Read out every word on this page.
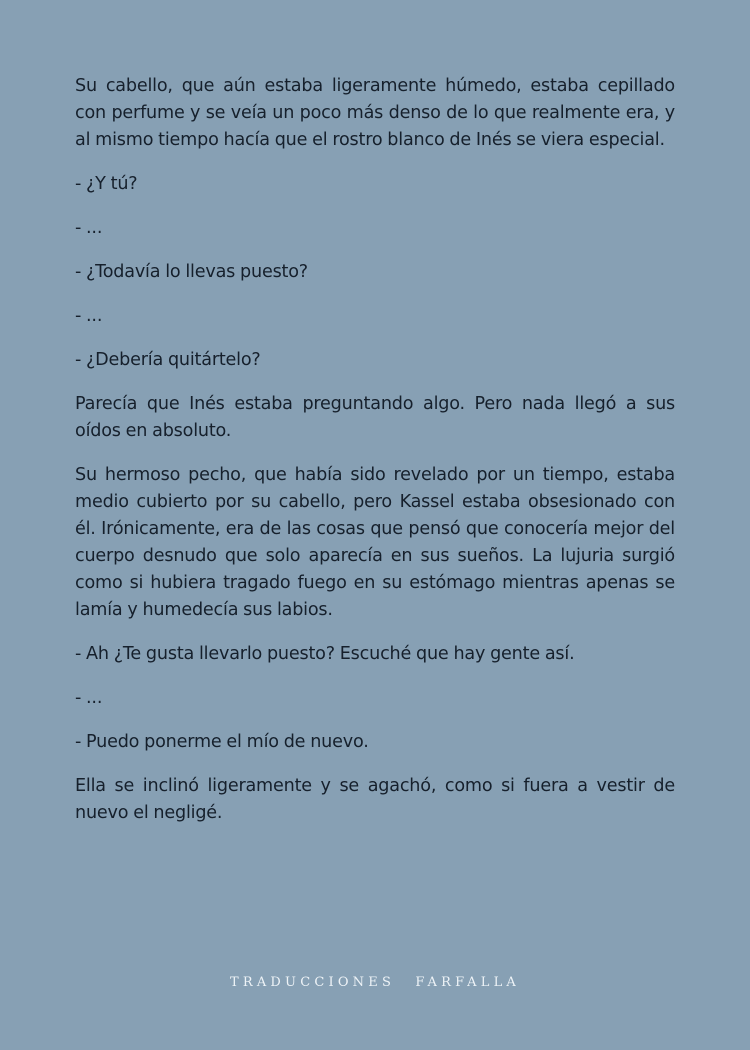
Su cabello, que aún estaba ligeramente húmedo, estaba cepillado con perfume y se veía un poco más denso de lo que realmente era, y al mismo tiempo hacía que el rostro blanco de Inés se viera especial.

- ¿Y tú?

- ...

- ¿Todavía lo llevas puesto?

- ...

- ¿Debería quitártelo?

Parecía que Inés estaba preguntando algo. Pero nada llegó a sus oídos en absoluto.

Su hermoso pecho, que había sido revelado por un tiempo, estaba medio cubierto por su cabello, pero Kassel estaba obsesionado con él. Irónicamente, era de las cosas que pensó que conocería mejor del cuerpo desnudo que solo aparecía en sus sueños. La lujuria surgió como si hubiera tragado fuego en su estómago mientras apenas se lamía y humedecía sus labios.

- Ah ¿Te gusta llevarlo puesto? Escuché que hay gente así.

- ...

- Puedo ponerme el mío de nuevo.

Ella se inclinó ligeramente y se agachó, como si fuera a vestir de nuevo el negligé.

TRADUCCIONES FARFALLA
